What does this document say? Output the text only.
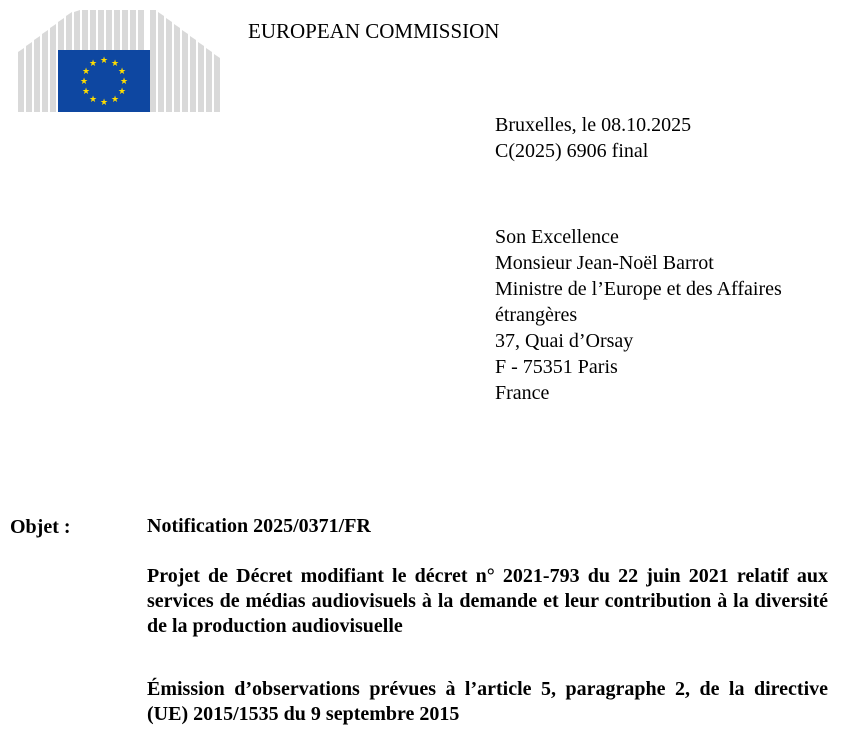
★ ★
★
★
★
★
★
★
★
★
★
★
EUROPEAN COMMISSION
Bruxelles, le 08.10.2025
C(2025) 6906 final
Son Excellence
Monsieur Jean-Noël Barrot
Ministre de l’Europe et des Affaires
étrangères
37, Quai d’Orsay
F - 75351 Paris
France
Objet :	Notification 2025/0371/FR
Projet de Décret modifiant le décret n° 2021-793 du 22 juin 2021 relatif aux services de médias audiovisuels à la demande et leur contribution à la diversité de la production audiovisuelle
Émission d’observations prévues à l’article 5, paragraphe 2, de la directive (UE) 2015/1535 du 9 septembre 2015
